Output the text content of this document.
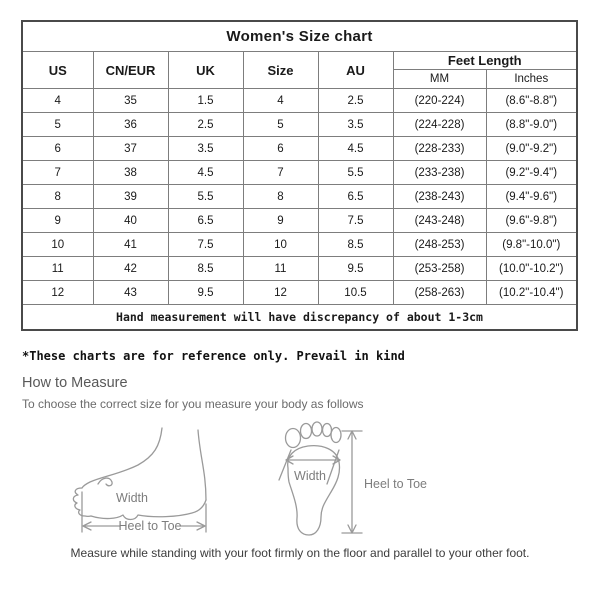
Women's Size chart						
US	CN/EUR	UK	Size	AU	Feet Length	
					MM	Inches
4	35	1.5	4	2.5	(220-224)	(8.6"-8.8")
5	36	2.5	5	3.5	(224-228)	(8.8"-9.0")
6	37	3.5	6	4.5	(228-233)	(9.0"-9.2")
7	38	4.5	7	5.5	(233-238)	(9.2"-9.4")
8	39	5.5	8	6.5	(238-243)	(9.4"-9.6")
9	40	6.5	9	7.5	(243-248)	(9.6"-9.8")
10	41	7.5	10	8.5	(248-253)	(9.8"-10.0")
11	42	8.5	11	9.5	(253-258)	(10.0"-10.2")
12	43	9.5	12	10.5	(258-263)	(10.2"-10.4")
Hand measurement will have discrepancy of about 1-3cm						
*These charts are for reference only. Prevail in kind
How to Measure
To choose the correct size for you measure your body as follows
Width
Heel to Toe
Width
Heel to Toe
Measure while standing with your foot firmly on the floor and parallel to your other foot.
